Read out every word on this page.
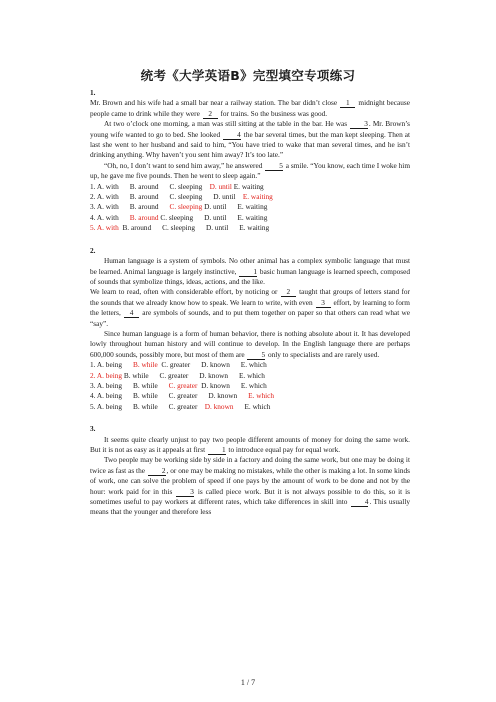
统考《大学英语B》完型填空专项练习
1.

Mr. Brown and his wife had a small bar near a railway station. The bar didn’t close 1 midnight because people came to drink while they were 2 for trains. So the business was good.

At two o’clock one morning, a man was still sitting at the table in the bar. He was 3. Mr. Brown’s young wife wanted to go to bed. She looked 4 the bar several times, but the man kept sleeping. Then at last she went to her husband and said to him, “You have tried to wake that man several times, and he isn’t drinking anything. Why haven’t you sent him away? It’s too late.”

“Oh, no, I don’t want to send him away,” he answered 5 a smile. “You know, each time I woke him up, he gave me five pounds. Then he went to sleep again.”

1. A. with      B. around      C. sleeping    D. until E. waiting
2. A. with      B. around      C. sleeping      D. until    E. waiting
3. A. with      B. around      C. sleeping D. until      E. waiting
4. A. with      B. around C. sleeping      D. until      E. waiting
5. A. with  B. around      C. sleeping      D. until      E. waiting
2.

Human language is a system of symbols. No other animal has a complex symbolic language that must be learned. Animal language is largely instinctive, 1 basic human language is learned speech, composed of sounds that symbolize things, ideas, actions, and the like.

We learn to read, often with considerable effort, by noticing or 2 taught that groups of letters stand for the sounds that we already know how to speak. We learn to write, with even 3 effort, by learning to form the letters, 4 are symbols of sounds, and to put them together on paper so that others can read what we “say”.

Since human language is a form of human behavior, there is nothing absolute about it. It has developed lowly throughout human history and will continue to develop. In the English language there are perhaps 600,000 sounds, possibly more, but most of them are 5 only to specialists and are rarely used.

1. A. being      B. while  C. greater      D. known      E. which
2. A. being B. while      C. greater      D. known      E. which
3. A. being      B. while      C. greater  D. known      E. which
4. A. being      B. while      C. greater      D. known      E. which
5. A. being      B. while      C. greater    D. known      E. which
3.

It seems quite clearly unjust to pay two people different amounts of money for doing the same work. But it is not as easy as it appeals at first 1 to introduce equal pay for equal work.

Two people may be working side by side in a factory and doing the same work, but one may be doing it twice as fast as the 2, or one may be making no mistakes, while the other is making a lot. In some kinds of work, one can solve the problem of speed if one pays by the amount of work to be done and not by the hour: work paid for in this 3 is called piece work. But it is not always possible to do this, so it is sometimes useful to pay workers at different rates, which take differences in skill into 4. This usually means that the younger and therefore less

1 / 7
